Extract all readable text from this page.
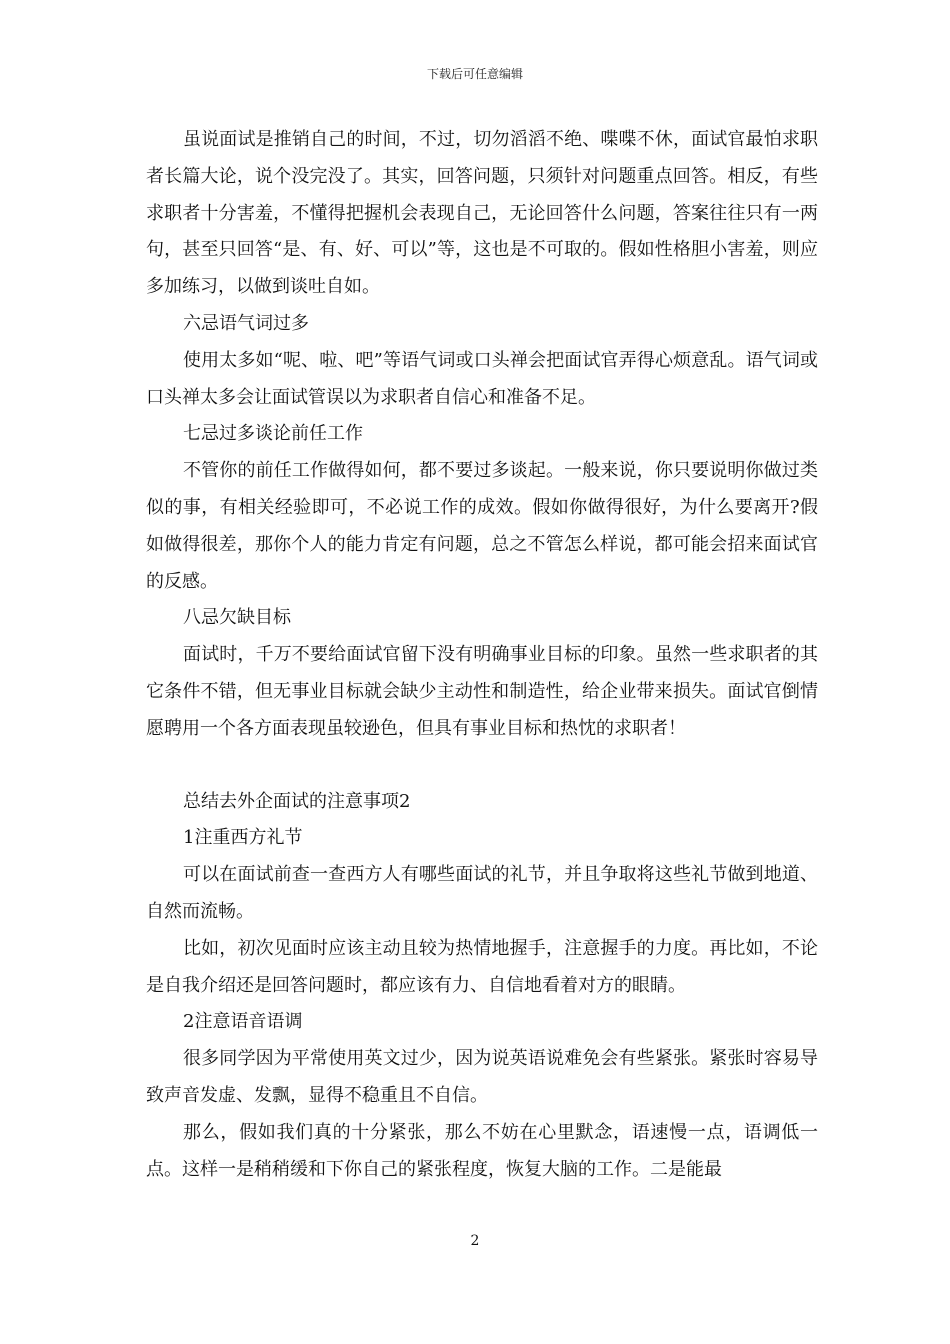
下载后可任意编辑

虽说面试是推销自己的时间，不过，切勿滔滔不绝、喋喋不休，面试官最怕求职者长篇大论，说个没完没了。其实，回答问题，只须针对问题重点回答。相反，有些求职者十分害羞，不懂得把握机会表现自己，无论回答什么问题，答案往往只有一两句，甚至只回答“是、有、好、可以”等，这也是不可取的。假如性格胆小害羞，则应多加练习，以做到谈吐自如。

六忌语气词过多

使用太多如“呢、啦、吧”等语气词或口头禅会把面试官弄得心烦意乱。语气词或口头禅太多会让面试管误以为求职者自信心和准备不足。

七忌过多谈论前任工作

不管你的前任工作做得如何，都不要过多谈起。一般来说，你只要说明你做过类似的事，有相关经验即可，不必说工作的成效。假如你做得很好，为什么要离开?假如做得很差，那你个人的能力肯定有问题，总之不管怎么样说，都可能会招来面试官的反感。

八忌欠缺目标

面试时，千万不要给面试官留下没有明确事业目标的印象。虽然一些求职者的其它条件不错，但无事业目标就会缺少主动性和制造性，给企业带来损失。面试官倒情愿聘用一个各方面表现虽较逊色，但具有事业目标和热忱的求职者！

总结去外企面试的注意事项2

1注重西方礼节

可以在面试前查一查西方人有哪些面试的礼节，并且争取将这些礼节做到地道、自然而流畅。

比如，初次见面时应该主动且较为热情地握手，注意握手的力度。再比如，不论是自我介绍还是回答问题时，都应该有力、自信地看着对方的眼睛。

2注意语音语调

很多同学因为平常使用英文过少，因为说英语说难免会有些紧张。紧张时容易导致声音发虚、发飘，显得不稳重且不自信。

那么，假如我们真的十分紧张，那么不妨在心里默念，语速慢一点，语调低一点。这样一是稍稍缓和下你自己的紧张程度，恢复大脑的工作。二是能最

2
